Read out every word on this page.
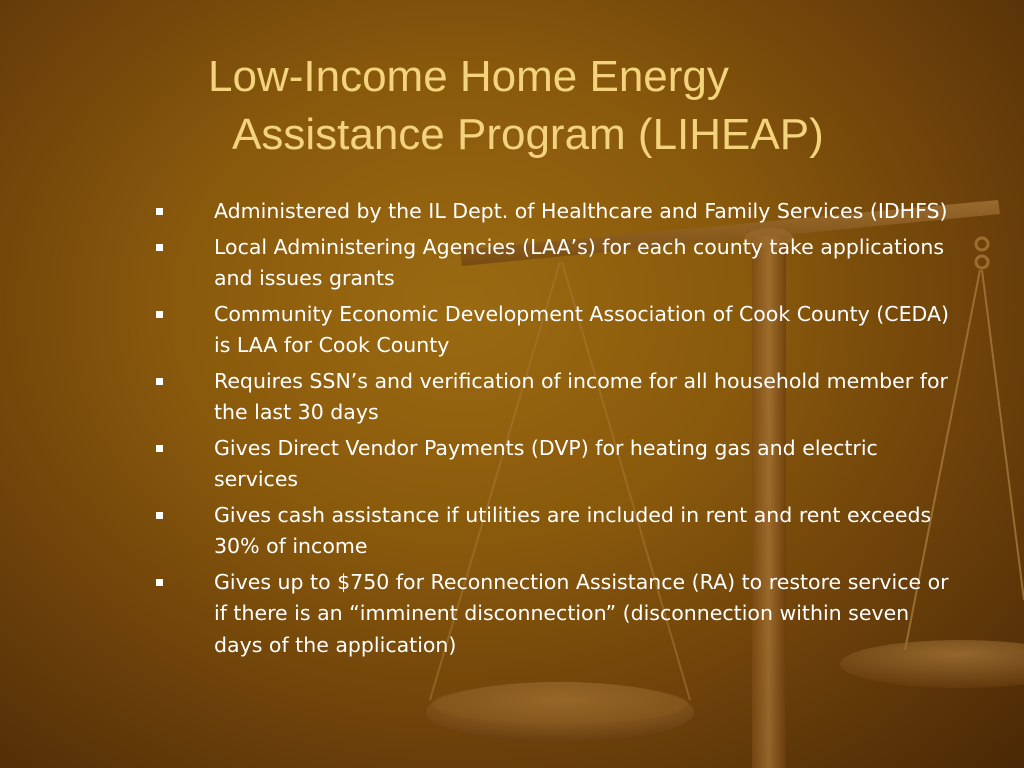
Low-Income Home Energy
Assistance Program (LIHEAP)
Administered by the IL Dept. of Healthcare and Family Services (IDHFS)
Local Administering Agencies (LAA’s) for each county take applications and issues grants
Community Economic Development Association of Cook County (CEDA) is LAA for Cook County
Requires SSN’s and verification of income for all household member for the last 30 days
Gives Direct Vendor Payments (DVP) for heating gas and electric services
Gives cash assistance if utilities are included in rent and rent exceeds 30% of income
Gives up to $750 for Reconnection Assistance (RA) to restore service or if there is an “imminent disconnection” (disconnection within seven days of the application)
